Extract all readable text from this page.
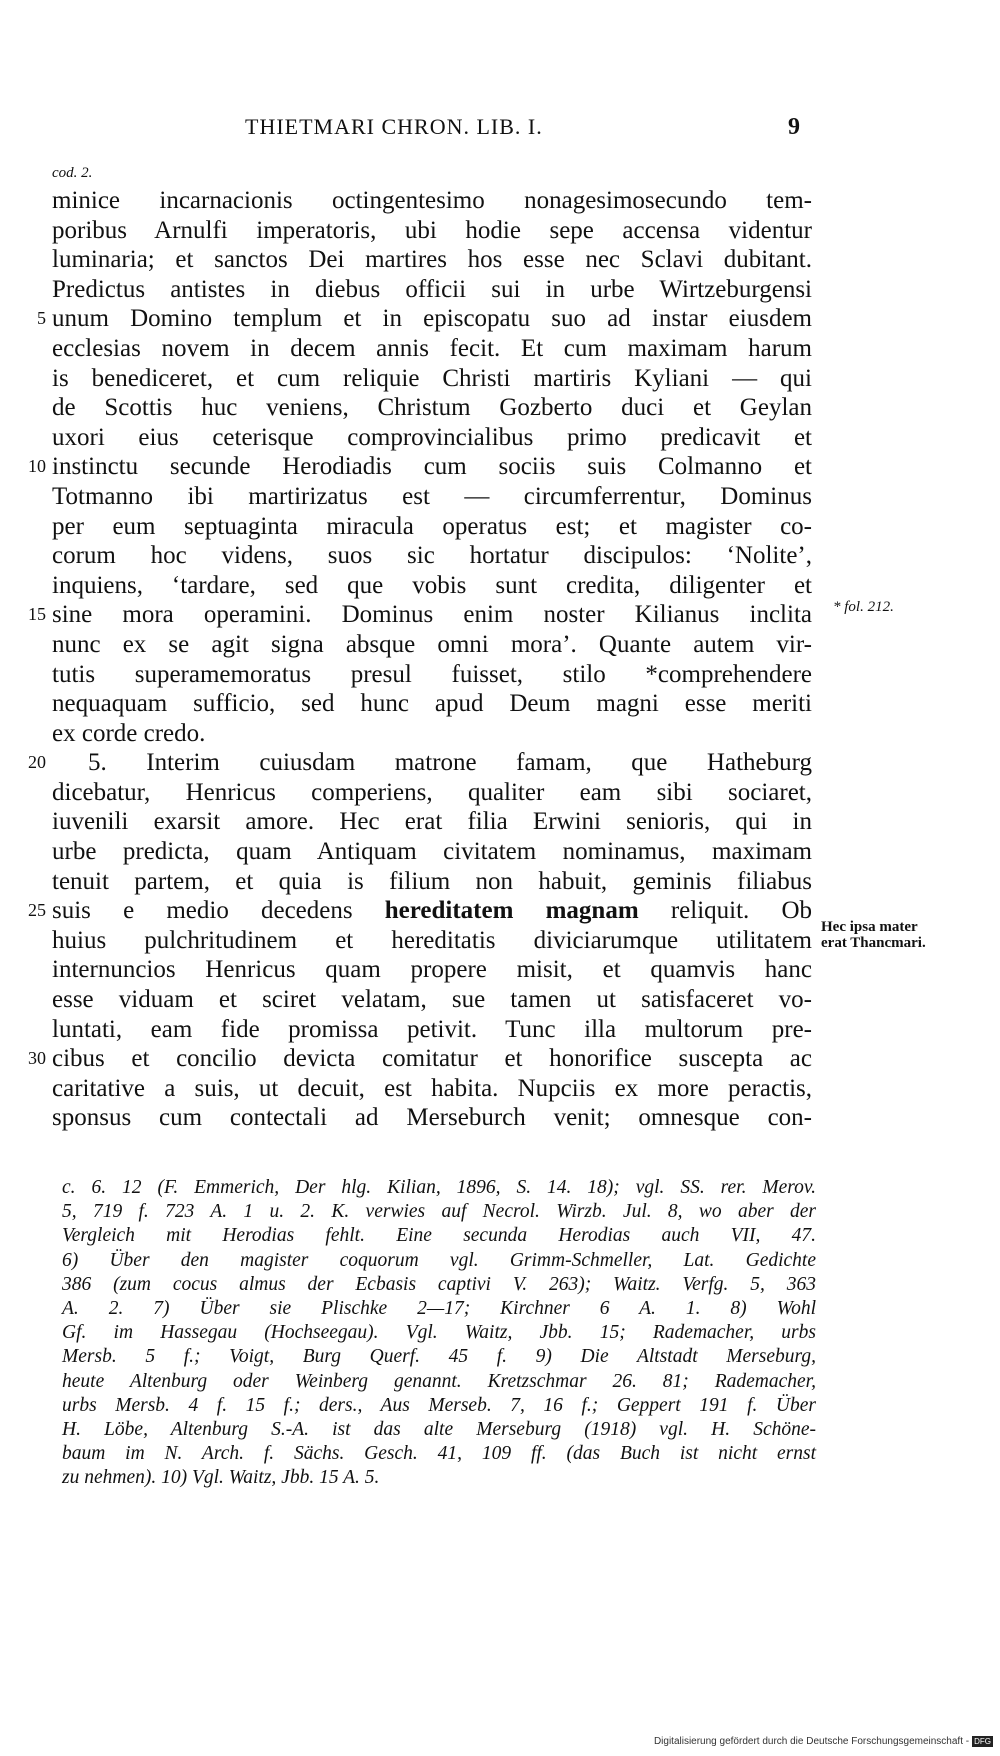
THIETMARI CHRON. LIB. I.	9
cod. 2.
minice incarnacionis octingentesimo nonagesimosecundo tem-
poribus Arnulfi imperatoris, ubi hodie sepe accensa videntur
luminaria; et sanctos Dei martires hos esse nec Sclavi dubitant.
Predictus antistes in diebus officii sui in urbe Wirtzeburgensi
5 unum Domino templum et in episcopatu suo ad instar eiusdem
ecclesias novem in decem annis fecit. Et cum maximam harum
is benediceret, et cum reliquie Christi martiris Kyliani — qui
de Scottis huc veniens, Christum Gozberto duci et Geylan
uxori eius ceterisque comprovincialibus primo predicavit et
10 instinctu secunde Herodiadis cum sociis suis Colmanno et
Totmanno ibi martirizatus est — circumferrentur, Dominus
per eum septuaginta miracula operatus est; et magister co-
corum hoc videns, suos sic hortatur discipulos: ‘Nolite’,
inquiens, ‘tardare, sed que vobis sunt credita, diligenter et
15 sine mora operamini. Dominus enim noster Kilianus inclita
nunc ex se agit signa absque omni mora’. Quante autem vir-
tutis superamemoratus presul fuisset, stilo *comprehendere
nequaquam sufficio, sed hunc apud Deum magni esse meriti
ex corde credo.
20	5. Interim cuiusdam matrone famam, que Hatheburg
dicebatur, Henricus comperiens, qualiter eam sibi sociaret,
iuvenili exarsit amore. Hec erat filia Erwini senioris, qui in
urbe predicta, quam Antiquam civitatem nominamus, maximam
tenuit partem, et quia is filium non habuit, geminis filiabus
25 suis e medio decedens hereditatem magnam reliquit. Ob
huius pulchritudinem et hereditatis diviciarumque utilitatem
internuncios Henricus quam propere misit, et quamvis hanc
esse viduam et sciret velatam, sue tamen ut satisfaceret vo-
luntati, eam fide promissa petivit. Tunc illa multorum pre-
30 cibus et concilio devicta comitatur et honorifice suscepta ac
caritative a suis, ut decuit, est habita. Nupciis ex more peractis,
sponsus cum contectali ad Merseburch venit; omnesque con-
* fol. 212.
Hec ipsa mater
erat Thancmari.
c. 6. 12 (F. Emmerich, Der hlg. Kilian, 1896, S. 14. 18); vgl. SS. rer. Merov.
5, 719 f. 723 A. 1 u. 2. K. verwies auf Necrol. Wirzb. Jul. 8, wo aber der
Vergleich mit Herodias fehlt. Eine secunda Herodias auch VII, 47.
6) Über den magister coquorum vgl. Grimm-Schmeller, Lat. Gedichte
386 (zum cocus almus der Ecbasis captivi V. 263); Waitz. Verfg. 5, 363
A. 2. 7) Über sie Plischke 2—17; Kirchner 6 A. 1. 8) Wohl
Gf. im Hassegau (Hochseegau). Vgl. Waitz, Jbb. 15; Rademacher, urbs
Mersb. 5 f.; Voigt, Burg Querf. 45 f. 9) Die Altstadt Merseburg,
heute Altenburg oder Weinberg genannt. Kretzschmar 26. 81; Rademacher,
urbs Mersb. 4 f. 15 f.; ders., Aus Merseb. 7, 16 f.; Geppert 191 f. Über
H. Löbe, Altenburg S.-A. ist das alte Merseburg (1918) vgl. H. Schöne-
baum im N. Arch. f. Sächs. Gesch. 41, 109 ff. (das Buch ist nicht ernst
zu nehmen). 10) Vgl. Waitz, Jbb. 15 A. 5.
Digitalisierung gefördert durch die Deutsche Forschungsgemeinschaft - DFG
